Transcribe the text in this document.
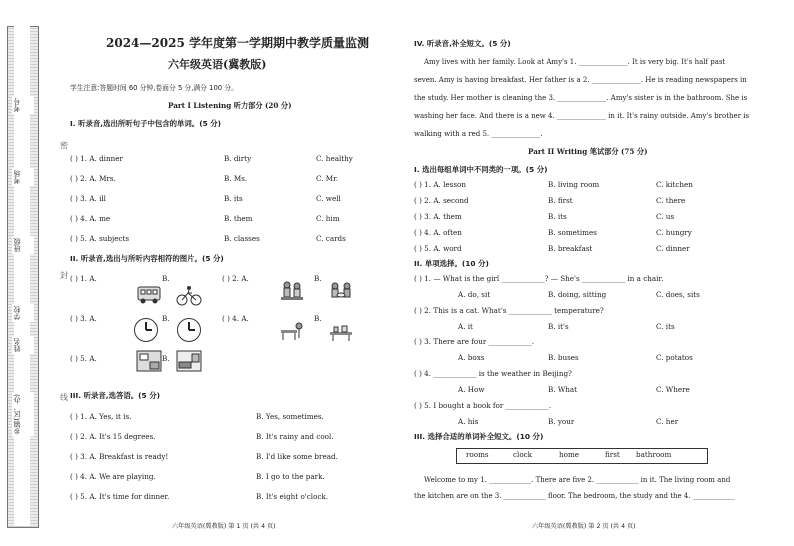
考号
考场
班级
学校
姓名
乡镇(区、办)
封
线
密
2024—2025 学年度第一学期期中教学质量监测
六年级英语(冀教版)
学生注意:答题时间 60 分钟,卷面分 5 分,满分 100 分。
Part I Listening 听力部分 (20 分)
I. 听录音,选出所听句子中包含的单词。(5 分)
( ) 1. A. dinner	B. dirty	C. healthy
( ) 2. A. Mrs.	B. Ms.	C. Mr.
( ) 3. A. ill	B. its	C. well
( ) 4. A. me	B. them	C. him
( ) 5. A. subjects	B. classes	C. cards
II. 听录音,选出与所听内容相符的图片。(5 分)
( ) 1. A.	B.	( ) 2. A.	B.
( ) 3. A.	B.	( ) 4. A.	B.
( ) 5. A.	B.
III. 听录音,选答语。(5 分)
( ) 1. A. Yes, it is.	B. Yes, sometimes.
( ) 2. A. It's 15 degrees.	B. It's rainy and cool.
( ) 3. A. Breakfast is ready!	B. I'd like some bread.
( ) 4. A. We are playing.	B. I go to the park.
( ) 5. A. It's time for dinner.	B. It's eight o'clock.
六年级英语(冀教版) 第 1 页 (共 4 页)
IV. 听录音,补全短文。(5 分)
Amy lives with her family. Look at Amy's 1. ______________. It is very big. It's half past
seven. Amy is having breakfast. Her father is a 2. ______________. He is reading newspapers in
the study. Her mother is cleaning the 3. ______________. Amy's sister is in the bathroom. She is
washing her face. And there is a new 4. ______________ in it. It's rainy outside. Amy's brother is
walking with a red 5. ______________.
Part II Writing 笔试部分 (75 分)
I. 选出每组单词中不同类的一项。(5 分)
( ) 1. A. lesson	B. living room	C. kitchen
( ) 2. A. second	B. first	C. there
( ) 3. A. them	B. its	C. us
( ) 4. A. often	B. sometimes	C. hungry
( ) 5. A. word	B. breakfast	C. dinner
II. 单项选择。(10 分)
( ) 1. — What is the girl ____________? — She's ____________ in a chair.
A. do, sit	B. doing, sitting	C. does, sits
( ) 2. This is a cat. What's ____________ temperature?
A. it	B. it's	C. its
( ) 3. There are four ____________.
A. boxs	B. buses	C. potatos
( ) 4. ____________ is the weather in Beijing?
A. How	B. What	C. Where
( ) 5. I bought a book for ____________.
A. his	B. your	C. her
III. 选择合适的单词补全短文。(10 分)
rooms	clock	home	first bathroom
Welcome to my 1. ____________. There are five 2. ____________ in it. The living room and
the kitchen are on the 3. ____________ floor. The bedroom, the study and the 4. ____________
六年级英语(冀教版) 第 2 页 (共 4 页)
